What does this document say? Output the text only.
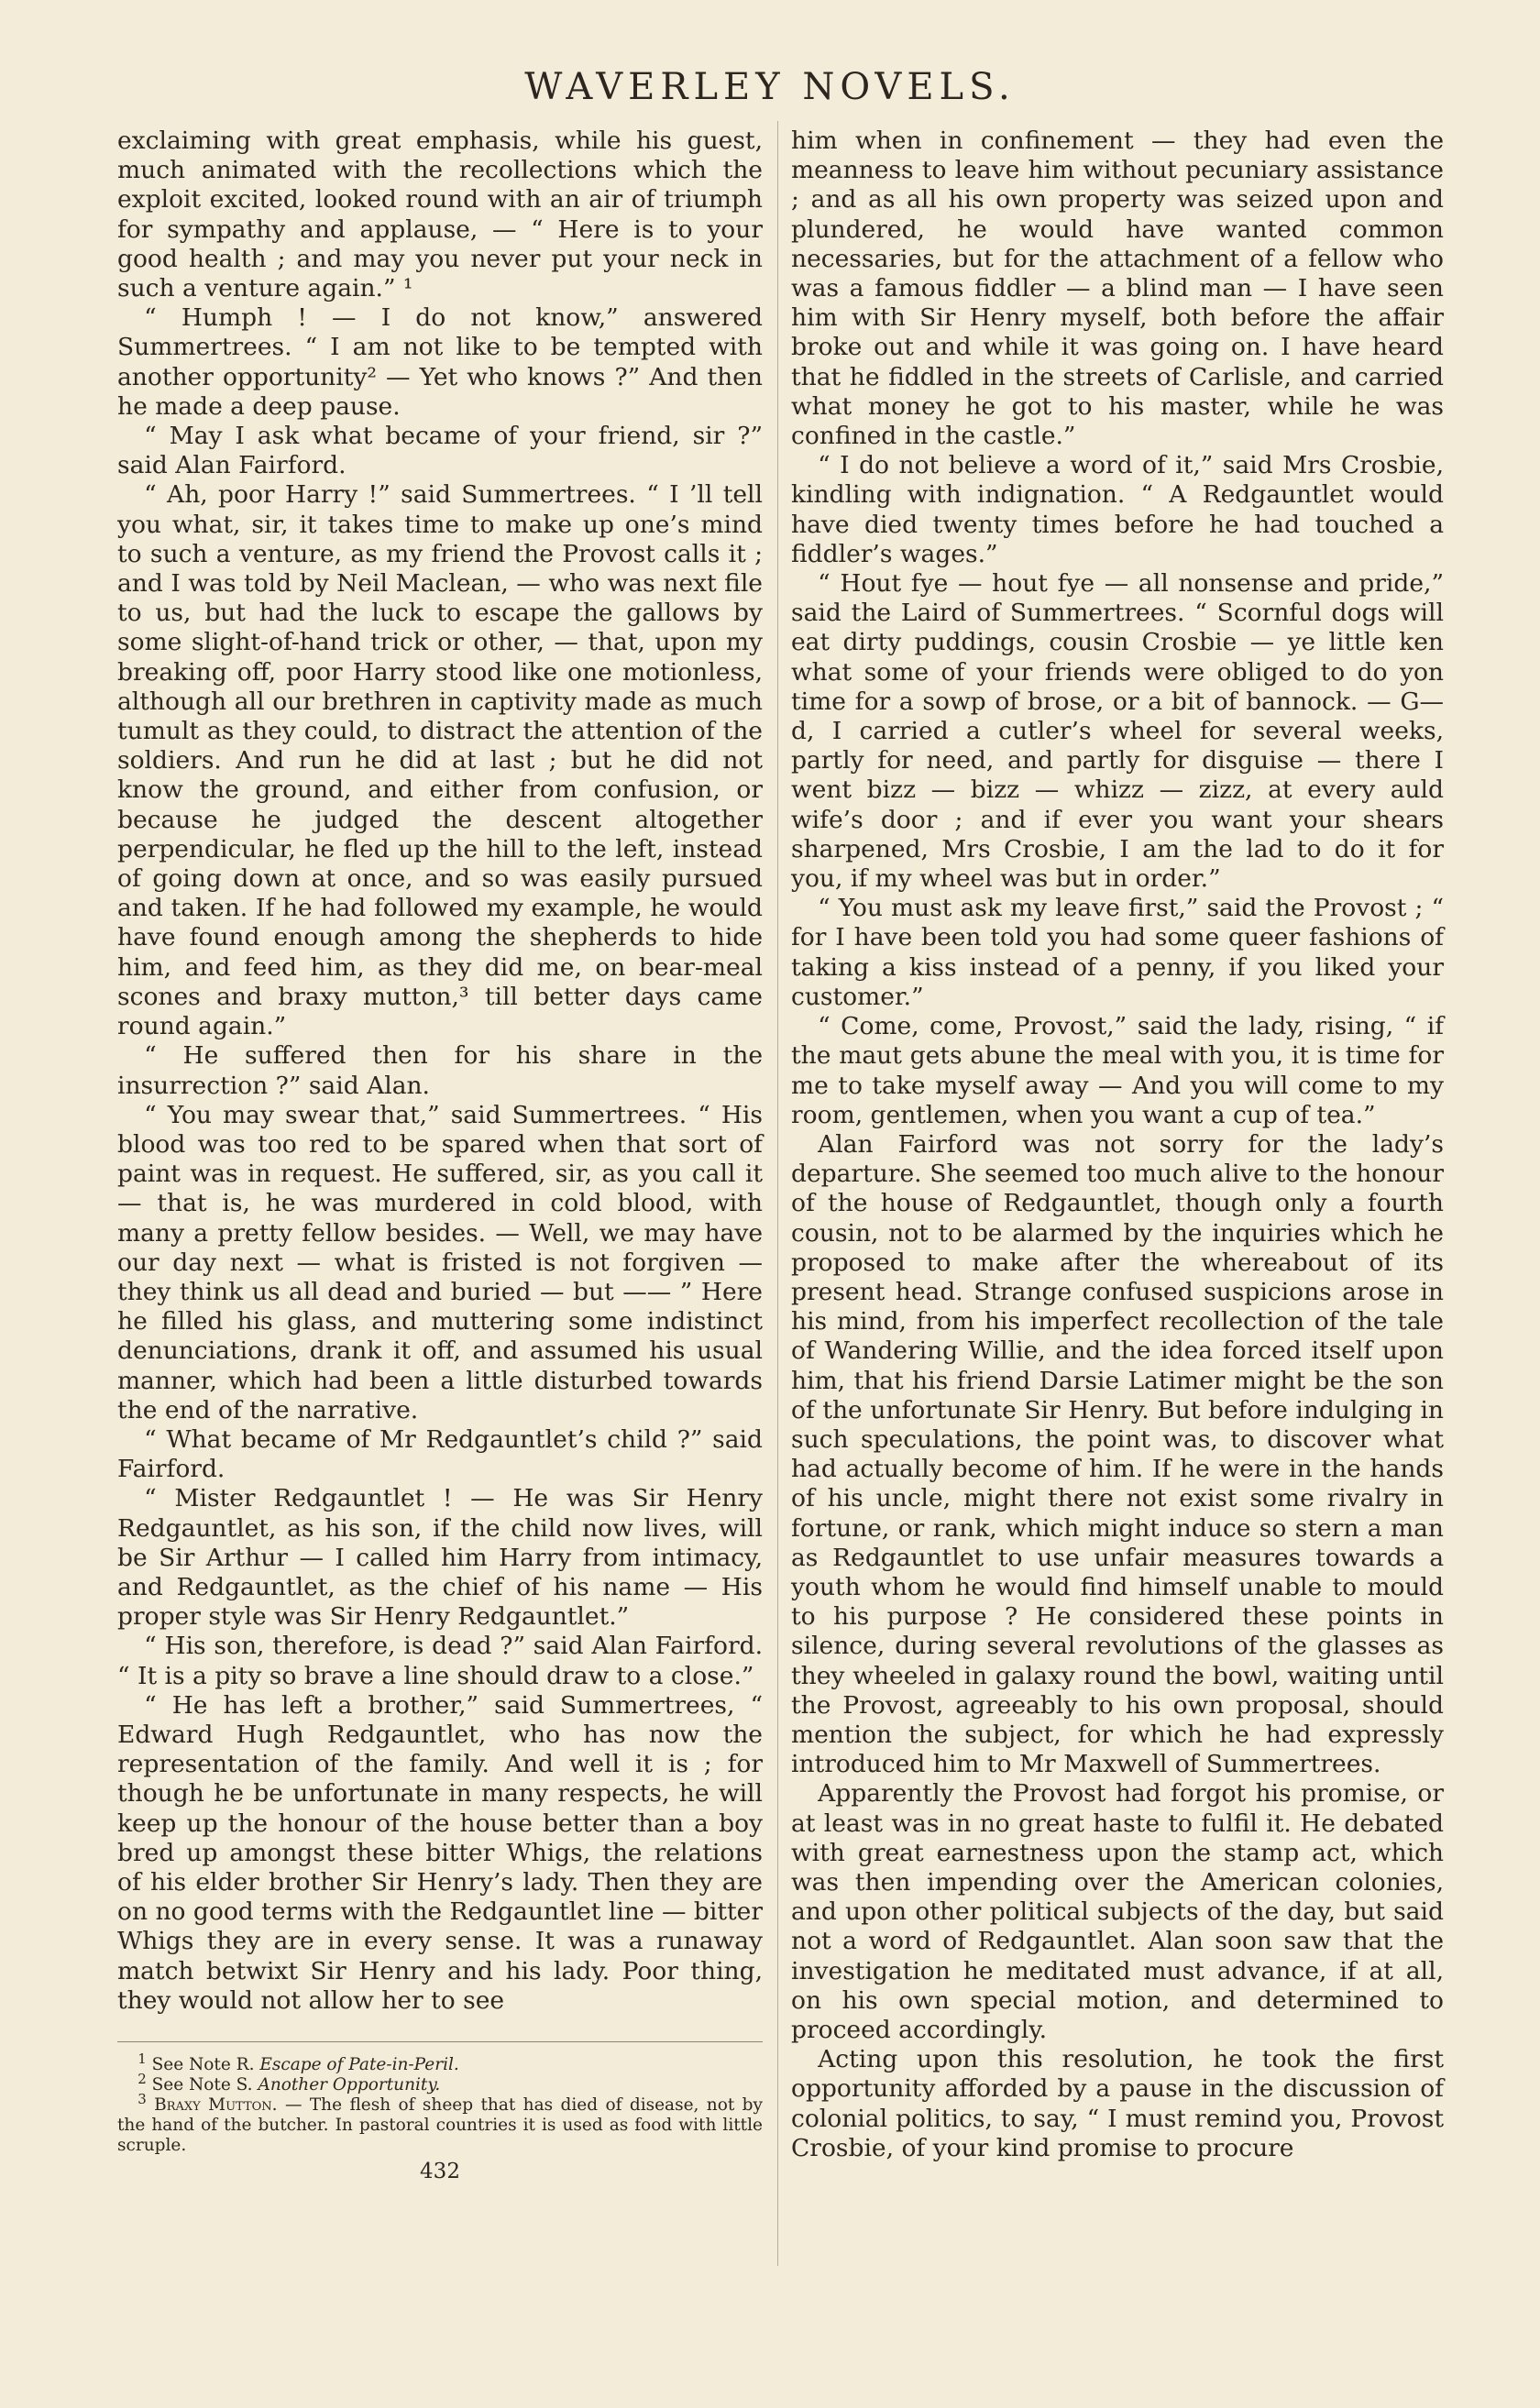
WAVERLEY NOVELS.

exclaiming with great emphasis, while his guest, much animated with the recollections which the exploit excited, looked round with an air of triumph for sympathy and applause, — “ Here is to your good health ; and may you never put your neck in such a venture again.” ¹

“ Humph ! — I do not know,” answered Summertrees. “ I am not like to be tempted with another opportunity² — Yet who knows ?” And then he made a deep pause.

“ May I ask what became of your friend, sir ?” said Alan Fairford.

“ Ah, poor Harry !” said Summertrees. “ I ’ll tell you what, sir, it takes time to make up one’s mind to such a venture, as my friend the Provost calls it ; and I was told by Neil Maclean, — who was next file to us, but had the luck to escape the gallows by some slight-of-hand trick or other, — that, upon my breaking off, poor Harry stood like one motionless, although all our brethren in captivity made as much tumult as they could, to distract the attention of the soldiers. And run he did at last ; but he did not know the ground, and either from confusion, or because he judged the descent altogether perpendicular, he fled up the hill to the left, instead of going down at once, and so was easily pursued and taken. If he had followed my example, he would have found enough among the shepherds to hide him, and feed him, as they did me, on bear-meal scones and braxy mutton,³ till better days came round again.”

“ He suffered then for his share in the insurrection ?” said Alan.

“ You may swear that,” said Summertrees. “ His blood was too red to be spared when that sort of paint was in request. He suffered, sir, as you call it — that is, he was murdered in cold blood, with many a pretty fellow besides. — Well, we may have our day next — what is fristed is not forgiven — they think us all dead and buried — but —— ” Here he filled his glass, and muttering some indistinct denunciations, drank it off, and assumed his usual manner, which had been a little disturbed towards the end of the narrative.

“ What became of Mr Redgauntlet’s child ?” said Fairford.

“ Mister Redgauntlet ! — He was Sir Henry Redgauntlet, as his son, if the child now lives, will be Sir Arthur — I called him Harry from intimacy, and Redgauntlet, as the chief of his name — His proper style was Sir Henry Redgauntlet.”

“ His son, therefore, is dead ?” said Alan Fairford. “ It is a pity so brave a line should draw to a close.”

“ He has left a brother,” said Summertrees, “ Edward Hugh Redgauntlet, who has now the representation of the family. And well it is ; for though he be unfortunate in many respects, he will keep up the honour of the house better than a boy bred up amongst these bitter Whigs, the relations of his elder brother Sir Henry’s lady. Then they are on no good terms with the Redgauntlet line — bitter Whigs they are in every sense. It was a runaway match betwixt Sir Henry and his lady. Poor thing, they would not allow her to see

him when in confinement — they had even the meanness to leave him without pecuniary assistance ; and as all his own property was seized upon and plundered, he would have wanted common necessaries, but for the attachment of a fellow who was a famous fiddler — a blind man — I have seen him with Sir Henry myself, both before the affair broke out and while it was going on. I have heard that he fiddled in the streets of Carlisle, and carried what money he got to his master, while he was confined in the castle.”

“ I do not believe a word of it,” said Mrs Crosbie, kindling with indignation. “ A Redgauntlet would have died twenty times before he had touched a fiddler’s wages.”

“ Hout fye — hout fye — all nonsense and pride,” said the Laird of Summertrees. “ Scornful dogs will eat dirty puddings, cousin Crosbie — ye little ken what some of your friends were obliged to do yon time for a sowp of brose, or a bit of bannock. — G—d, I carried a cutler’s wheel for several weeks, partly for need, and partly for disguise — there I went bizz — bizz — whizz — zizz, at every auld wife’s door ; and if ever you want your shears sharpened, Mrs Crosbie, I am the lad to do it for you, if my wheel was but in order.”

“ You must ask my leave first,” said the Provost ; “ for I have been told you had some queer fashions of taking a kiss instead of a penny, if you liked your customer.”

“ Come, come, Provost,” said the lady, rising, “ if the maut gets abune the meal with you, it is time for me to take myself away — And you will come to my room, gentlemen, when you want a cup of tea.”

Alan Fairford was not sorry for the lady’s departure. She seemed too much alive to the honour of the house of Redgauntlet, though only a fourth cousin, not to be alarmed by the inquiries which he proposed to make after the whereabout of its present head. Strange confused suspicions arose in his mind, from his imperfect recollection of the tale of Wandering Willie, and the idea forced itself upon him, that his friend Darsie Latimer might be the son of the unfortunate Sir Henry. But before indulging in such speculations, the point was, to discover what had actually become of him. If he were in the hands of his uncle, might there not exist some rivalry in fortune, or rank, which might induce so stern a man as Redgauntlet to use unfair measures towards a youth whom he would find himself unable to mould to his purpose ? He considered these points in silence, during several revolutions of the glasses as they wheeled in galaxy round the bowl, waiting until the Provost, agreeably to his own proposal, should mention the subject, for which he had expressly introduced him to Mr Maxwell of Summertrees.

Apparently the Provost had forgot his promise, or at least was in no great haste to fulfil it. He debated with great earnestness upon the stamp act, which was then impending over the American colonies, and upon other political subjects of the day, but said not a word of Redgauntlet. Alan soon saw that the investigation he meditated must advance, if at all, on his own special motion, and determined to proceed accordingly.

Acting upon this resolution, he took the first opportunity afforded by a pause in the discussion of colonial politics, to say, “ I must remind you, Provost Crosbie, of your kind promise to procure

$^1$ See Note R. Escape of Pate-in-Peril.
$^2$ See Note S. Another Opportunity.
$^3$ Braxy Mutton. — The flesh of sheep that has died of disease, not by the hand of the butcher. In pastoral countries it is used as food with little scruple.
432
